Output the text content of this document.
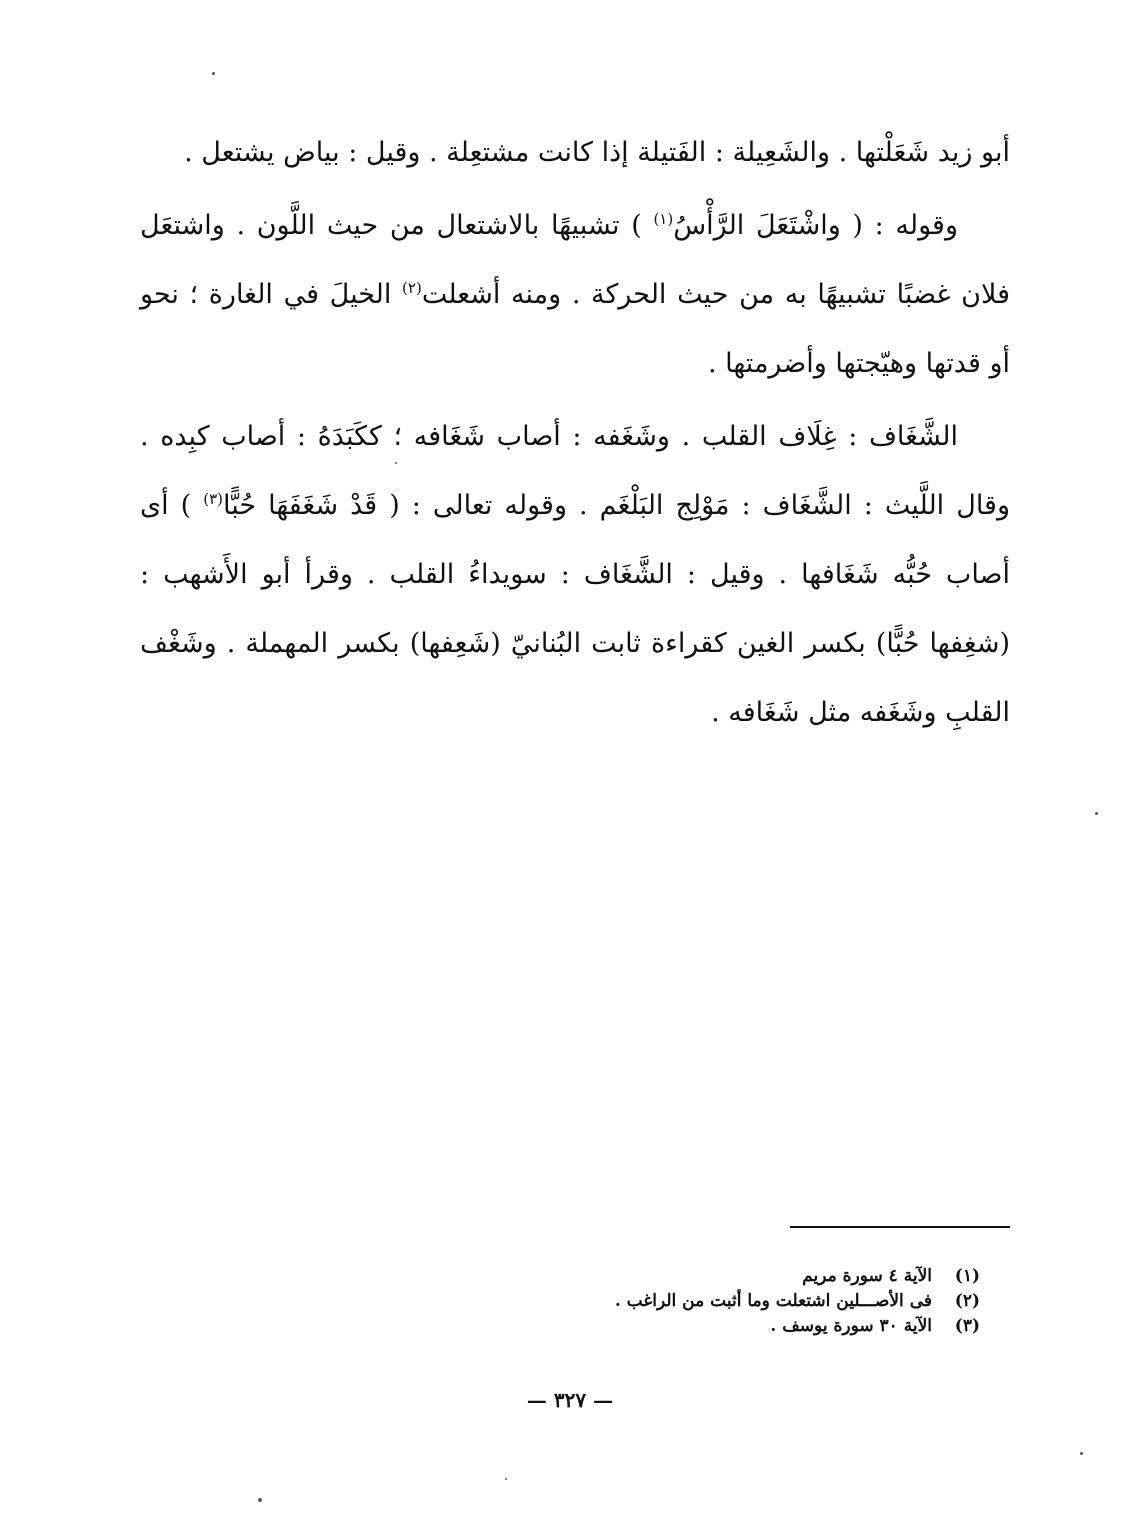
أبو زيد شَعَلْتها . والشَعِيلة : الفَتيلة إذا كانت مشتعِلة . وقيل : بياض يشتعل .

وقوله : ( واشْتَعَلَ الرَّأْسُ$^{(١)}$ ) تشبيهًا بالاشتعال من حيث اللَّون . واشتعَل فلان غضبًا تشبيهًا به من حيث الحركة . ومنه أشعلت$^{(٢)}$ الخيلَ في الغارة ؛ نحو أو قدتها وهيّجتها وأضرمتها .

الشَّغَاف : غِلَاف القلب . وشَغَفه : أصاب شَغَافه ؛ ككَبَدَهُ : أصاب كبِده . وقال اللَّيث : الشَّغَاف : مَوْلِج البَلْغَم . وقوله تعالى : ( قَدْ شَغَفَهَا حُبًّا$^{(٣)}$ ) أى أصاب حُبُّه شَغَافها . وقيل : الشَّغَاف : سويداءُ القلب . وقرأ أبو الأَشهب : (شغِفها حُبًّا) بكسر الغين كقراءة ثابت البُنانيّ (شَعِفها) بكسر المهملة . وشَغْف القلبِ وشَغَفه مثل شَغَافه .

(١)
الآية ٤ سورة مريم
(٢)
فى الأصـــلين اشتعلت وما أثبت من الراغب .
(٣)
الآية ٣٠ سورة يوسف .
— ٣٢٧ —
